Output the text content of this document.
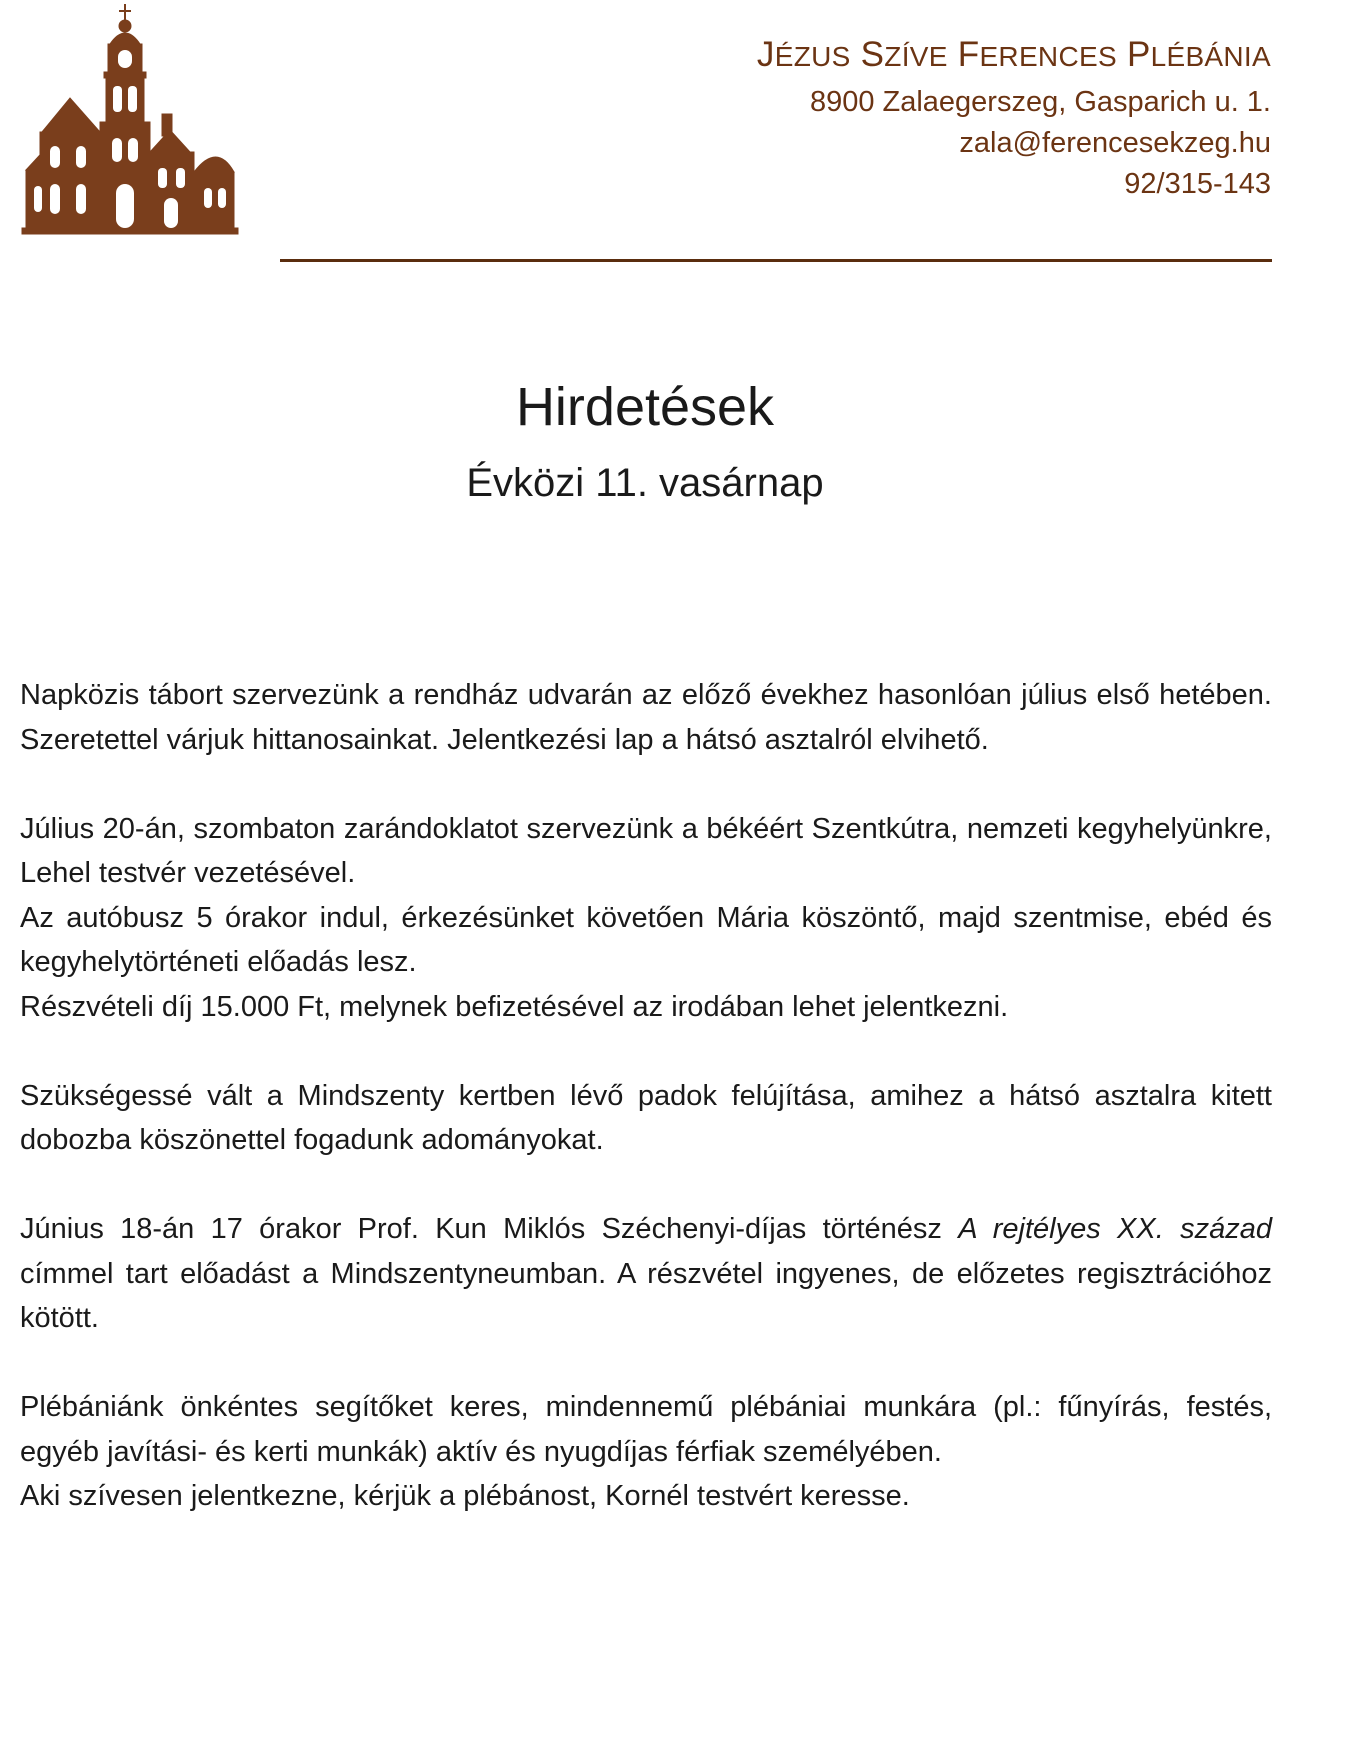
JÉZUS SZÍVE FERENCES PLÉBÁNIA
8900 Zalaegerszeg, Gasparich u. 1.
zala@ferencesekzeg.hu
92/315-143
Hirdetések
Évközi 11. vasárnap

Napközis tábort szervezünk a rendház udvarán az előző évekhez hasonlóan július első hetében. Szeretettel várjuk hittanosainkat. Jelentkezési lap a hátsó asztalról elvihető.

Július 20-án, szombaton zarándoklatot szervezünk a békéért Szentkútra, nemzeti kegyhelyünkre, Lehel testvér vezetésével.

Az autóbusz 5 órakor indul, érkezésünket követően Mária köszöntő, majd szentmise, ebéd és kegyhelytörténeti előadás lesz.

Részvételi díj 15.000 Ft, melynek befizetésével az irodában lehet jelentkezni.

Szükségessé vált a Mindszenty kertben lévő padok felújítása, amihez a hátsó asztalra kitett dobozba köszönettel fogadunk adományokat.

Június 18-án 17 órakor Prof. Kun Miklós Széchenyi-díjas történész A rejtélyes XX. század címmel tart előadást a Mindszentyneumban. A részvétel ingyenes, de előzetes regisztrációhoz kötött.

Plébániánk önkéntes segítőket keres, mindennemű plébániai munkára (pl.: fűnyírás, festés, egyéb javítási- és kerti munkák) aktív és nyugdíjas férfiak személyében.

Aki szívesen jelentkezne, kérjük a plébánost, Kornél testvért keresse.
